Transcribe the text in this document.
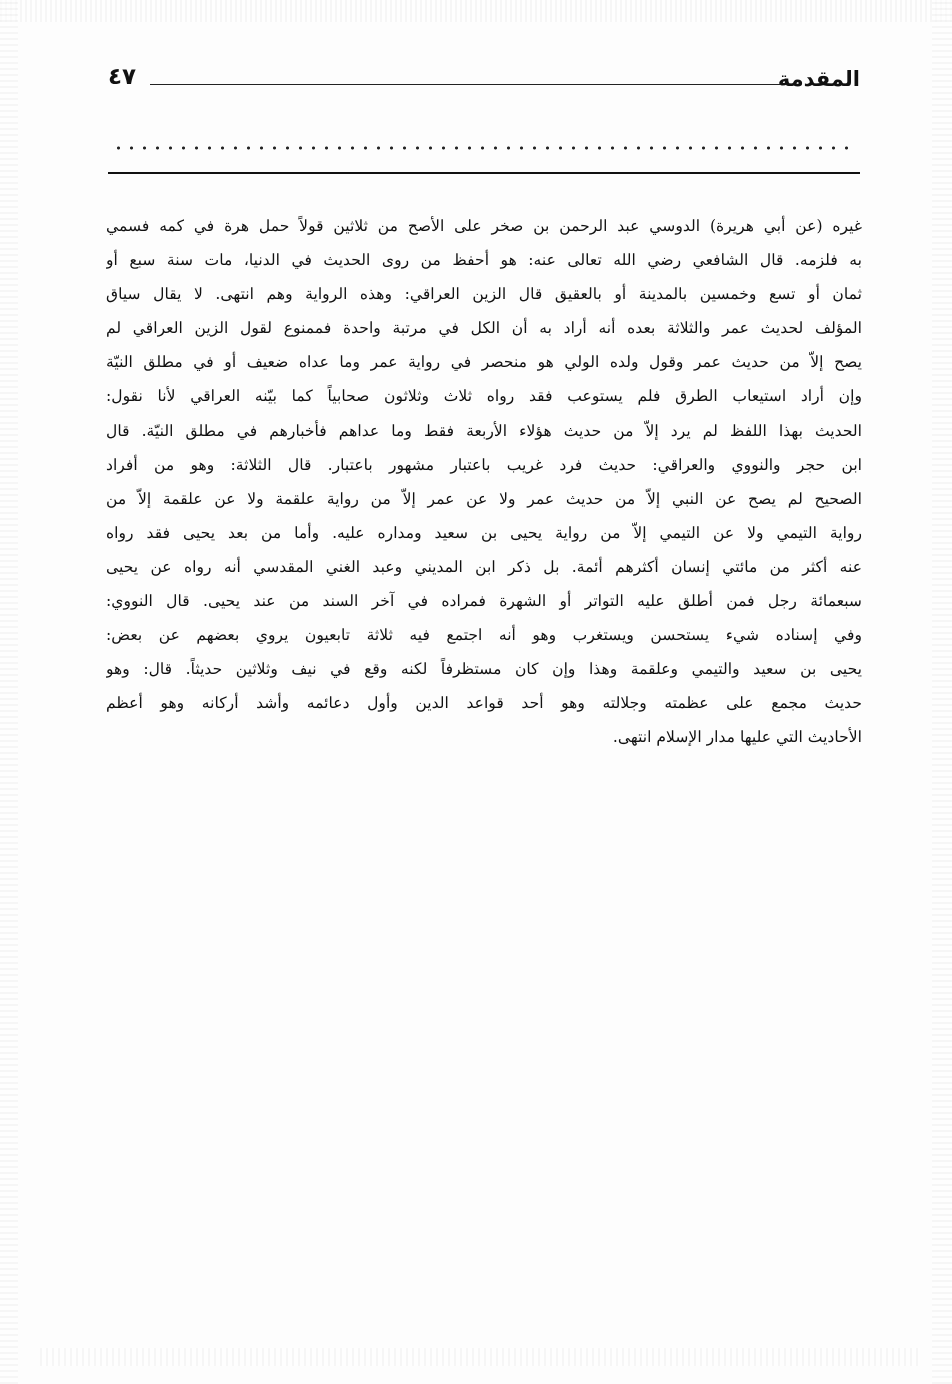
المقدمة
٤٧
غيره (عن أبي هريرة) الدوسي عبد الرحمن بن صخر على الأصح من ثلاثين قولاً حمل هرة في كمه فسمي
به فلزمه. قال الشافعي رضي الله تعالى عنه: هو أحفظ من روى الحديث في الدنيا، مات سنة سبع أو
ثمان أو تسع وخمسين بالمدينة أو بالعقيق قال الزين العراقي: وهذه الرواية وهم انتهى. لا يقال سياق
المؤلف لحديث عمر والثلاثة بعده أنه أراد به أن الكل في مرتبة واحدة فممنوع لقول الزين العراقي لم
يصح إلاّ من حديث عمر وقول ولده الولي هو منحصر في رواية عمر وما عداه ضعيف أو في مطلق النيّة
وإن أراد استيعاب الطرق فلم يستوعب فقد رواه ثلاث وثلاثون صحابياً كما بيّنه العراقي لأنا نقول:
الحديث بهذا اللفظ لم يرد إلاّ من حديث هؤلاء الأربعة فقط وما عداهم فأخبارهم في مطلق النيّة. قال
ابن حجر والنووي والعراقي: حديث فرد غريب باعتبار مشهور باعتبار. قال الثلاثة: وهو من أفراد
الصحيح لم يصح عن النبي إلاّ من حديث عمر ولا عن عمر إلاّ من رواية علقمة ولا عن علقمة إلاّ من
رواية التيمي ولا عن التيمي إلاّ من رواية يحيى بن سعيد ومداره عليه. وأما من بعد يحيى فقد رواه
عنه أكثر من مائتي إنسان أكثرهم أئمة. بل ذكر ابن المديني وعبد الغني المقدسي أنه رواه عن يحيى
سبعمائة رجل فمن أطلق عليه التواتر أو الشهرة فمراده في آخر السند من عند يحيى. قال النووي:
وفي إسناده شيء يستحسن ويستغرب وهو أنه اجتمع فيه ثلاثة تابعيون يروي بعضهم عن بعض:
يحيى بن سعيد والتيمي وعلقمة وهذا وإن كان مستظرفاً لكنه وقع في نيف وثلاثين حديثاً. قال: وهو
حديث مجمع على عظمته وجلالته وهو أحد قواعد الدين وأول دعائمه وأشد أركانه وهو أعظم
الأحاديث التي عليها مدار الإسلام انتهى.
